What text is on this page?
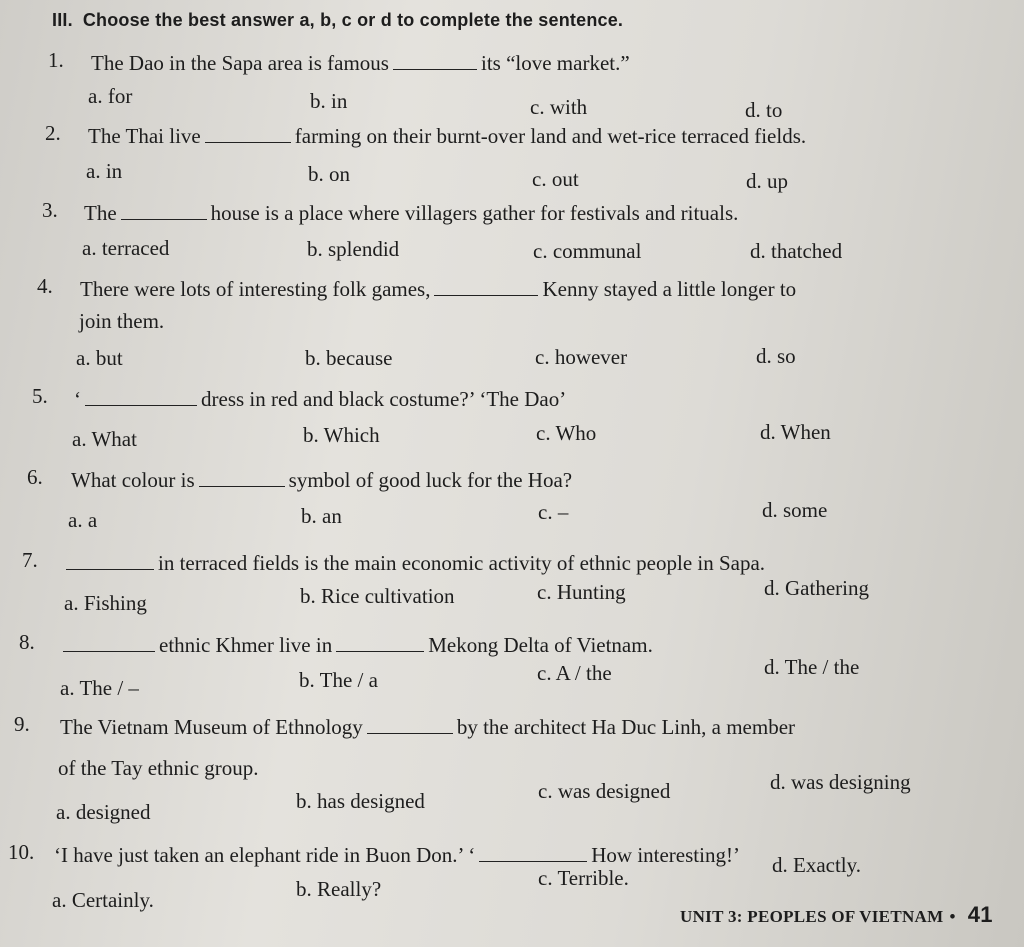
III. Choose the best answer a, b, c or d to complete the sentence.
1. The Dao in the Sapa area is famous	its “love market.”
a. for	b. in	c. with	d. to
2. The Thai live	farming on their burnt-over land and wet-rice terraced fields.
a. in	b. on	c. out	d. up
3. The	house is a place where villagers gather for festivals and rituals.
a. terraced	b. splendid	c. communal	d. thatched
4. There were lots of interesting folk games,	Kenny stayed a little longer to
join them.
a. but	b. because	c. however	d. so
5. ‘	dress in red and black costume?’ ‘The Dao’
a. What	b. Which	c. Who	d. When
6. What colour is	symbol of good luck for the Hoa?
a. a	b. an	c. –	d. some
7.	in terraced fields is the main economic activity of ethnic people in Sapa.
a. Fishing	b. Rice cultivation	c. Hunting	d. Gathering
8.	ethnic Khmer live in	Mekong Delta of Vietnam.
a. The / –	b. The / a	c. A / the	d. The / the
9. The Vietnam Museum of Ethnology	by the architect Ha Duc Linh, a member
of the Tay ethnic group.
a. designed	b. has designed	c. was designed	d. was designing
10. ‘I have just taken an elephant ride in Buon Don.’ ‘	How interesting!’
a. Certainly.	b. Really?	c. Terrible.
d. Exactly.
UNIT 3: PEOPLES OF VIETNAM • 41
